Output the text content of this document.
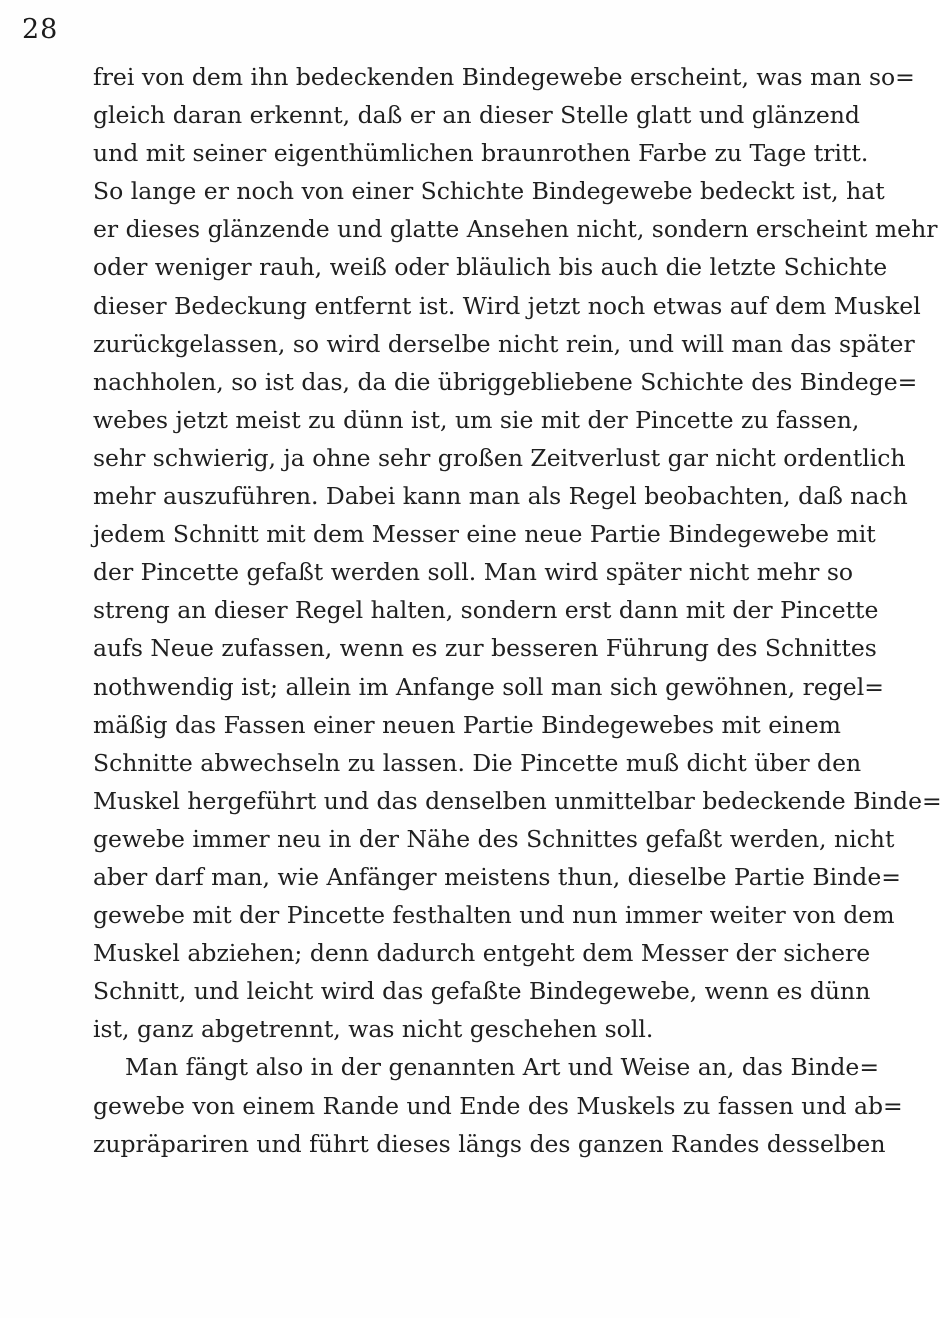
28
frei von dem ihn bedeckenden Bindegewebe erscheint, was man so=
gleich daran erkennt, daß er an dieser Stelle glatt und glänzend
und mit seiner eigenthümlichen braunrothen Farbe zu Tage tritt.
So lange er noch von einer Schichte Bindegewebe bedeckt ist, hat
er dieses glänzende und glatte Ansehen nicht, sondern erscheint mehr
oder weniger rauh, weiß oder bläulich bis auch die letzte Schichte
dieser Bedeckung entfernt ist. Wird jetzt noch etwas auf dem Muskel
zurückgelassen, so wird derselbe nicht rein, und will man das später
nachholen, so ist das, da die übriggebliebene Schichte des Bindege=
webes jetzt meist zu dünn ist, um sie mit der Pincette zu fassen,
sehr schwierig, ja ohne sehr großen Zeitverlust gar nicht ordentlich
mehr auszuführen. Dabei kann man als Regel beobachten, daß nach
jedem Schnitt mit dem Messer eine neue Partie Bindegewebe mit
der Pincette gefaßt werden soll. Man wird später nicht mehr so
streng an dieser Regel halten, sondern erst dann mit der Pincette
aufs Neue zufassen, wenn es zur besseren Führung des Schnittes
nothwendig ist; allein im Anfange soll man sich gewöhnen, regel=
mäßig das Fassen einer neuen Partie Bindegewebes mit einem
Schnitte abwechseln zu lassen. Die Pincette muß dicht über den
Muskel hergeführt und das denselben unmittelbar bedeckende Binde=
gewebe immer neu in der Nähe des Schnittes gefaßt werden, nicht
aber darf man, wie Anfänger meistens thun, dieselbe Partie Binde=
gewebe mit der Pincette festhalten und nun immer weiter von dem
Muskel abziehen; denn dadurch entgeht dem Messer der sichere
Schnitt, und leicht wird das gefaßte Bindegewebe, wenn es dünn
ist, ganz abgetrennt, was nicht geschehen soll.
Man fängt also in der genannten Art und Weise an, das Binde=
gewebe von einem Rande und Ende des Muskels zu fassen und ab=
zupräpariren und führt dieses längs des ganzen Randes desselben
